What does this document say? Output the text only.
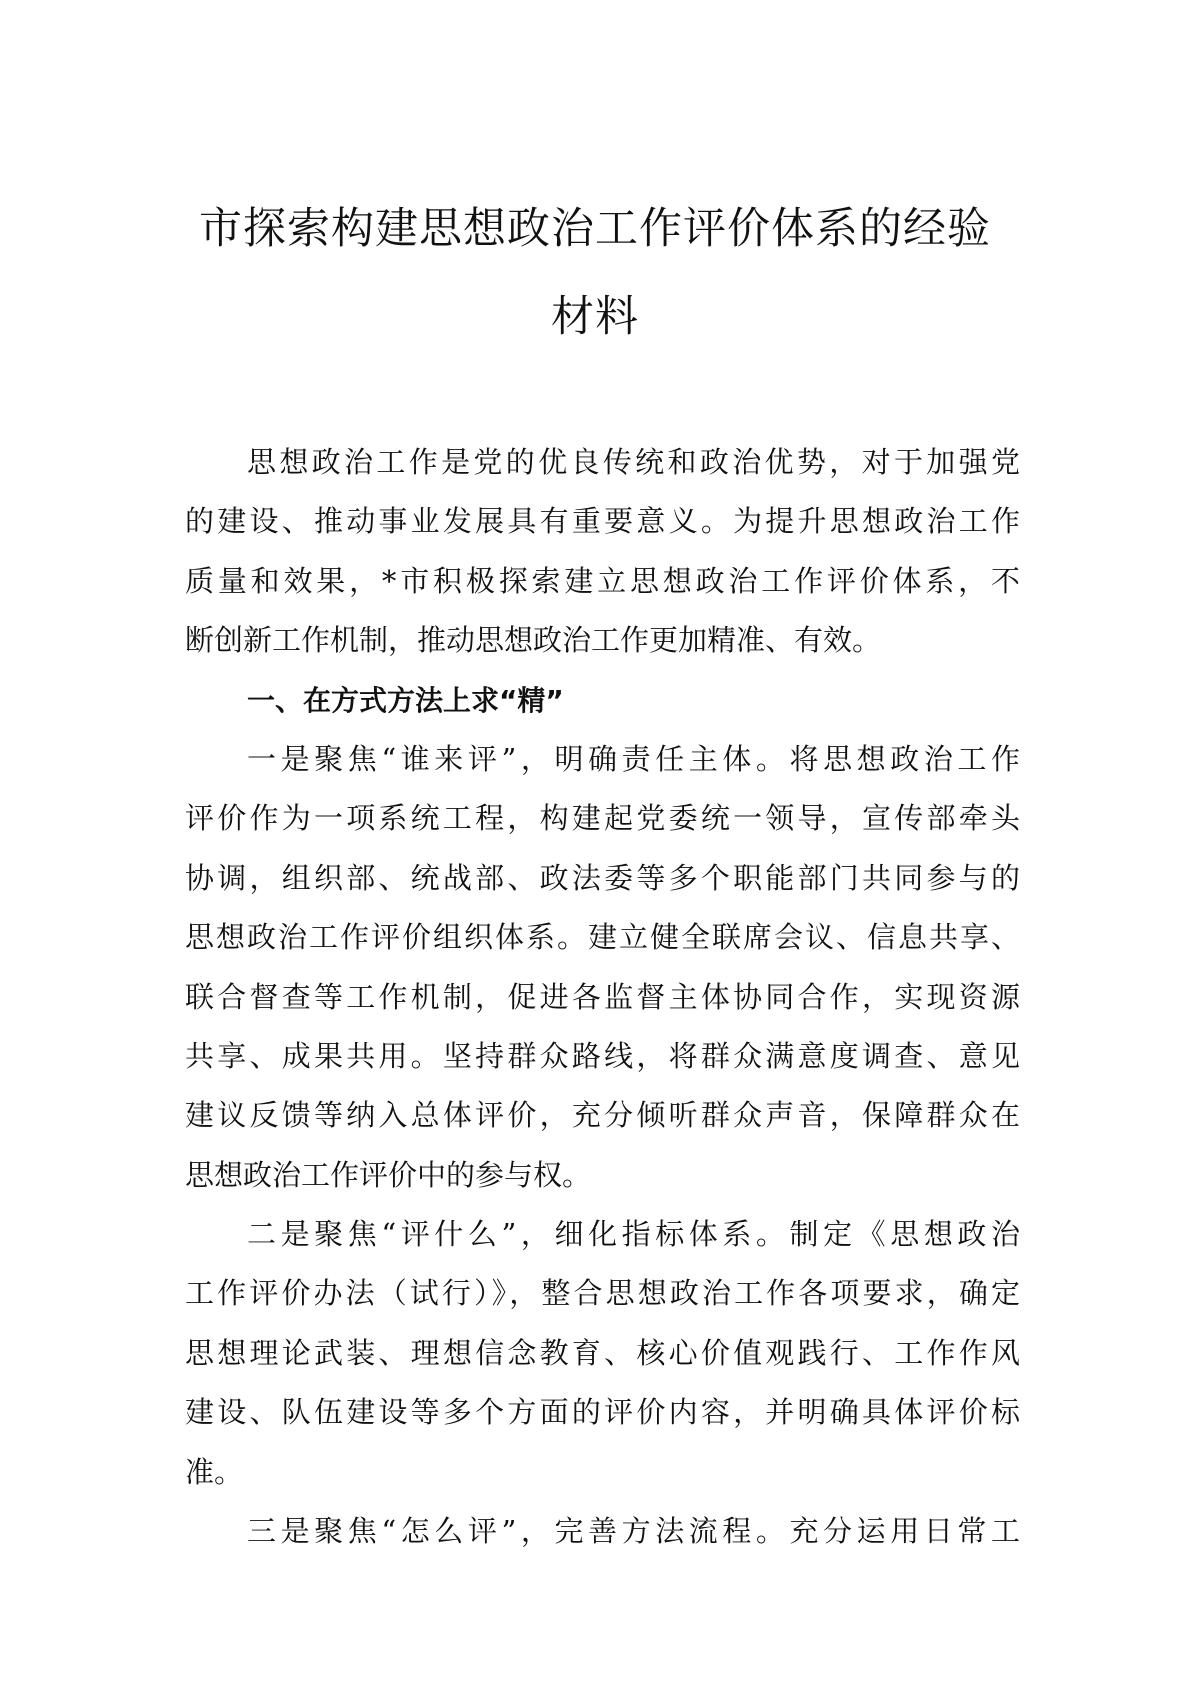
市探索构建思想政治工作评价体系的经验
材料
思想政治工作是党的优良传统和政治优势，对于加强党
的建设、推动事业发展具有重要意义。为提升思想政治工作
质量和效果，*市积极探索建立思想政治工作评价体系，不
断创新工作机制，推动思想政治工作更加精准、有效。
一、在方式方法上求“精”
一是聚焦“谁来评”，明确责任主体。将思想政治工作
评价作为一项系统工程，构建起党委统一领导，宣传部牵头
协调，组织部、统战部、政法委等多个职能部门共同参与的
思想政治工作评价组织体系。建立健全联席会议、信息共享、
联合督查等工作机制，促进各监督主体协同合作，实现资源
共享、成果共用。坚持群众路线，将群众满意度调查、意见
建议反馈等纳入总体评价，充分倾听群众声音，保障群众在
思想政治工作评价中的参与权。
二是聚焦“评什么”，细化指标体系。制定《思想政治
工作评价办法（试行）》，整合思想政治工作各项要求，确定
思想理论武装、理想信念教育、核心价值观践行、工作作风
建设、队伍建设等多个方面的评价内容，并明确具体评价标
准。
三是聚焦“怎么评”，完善方法流程。充分运用日常工
